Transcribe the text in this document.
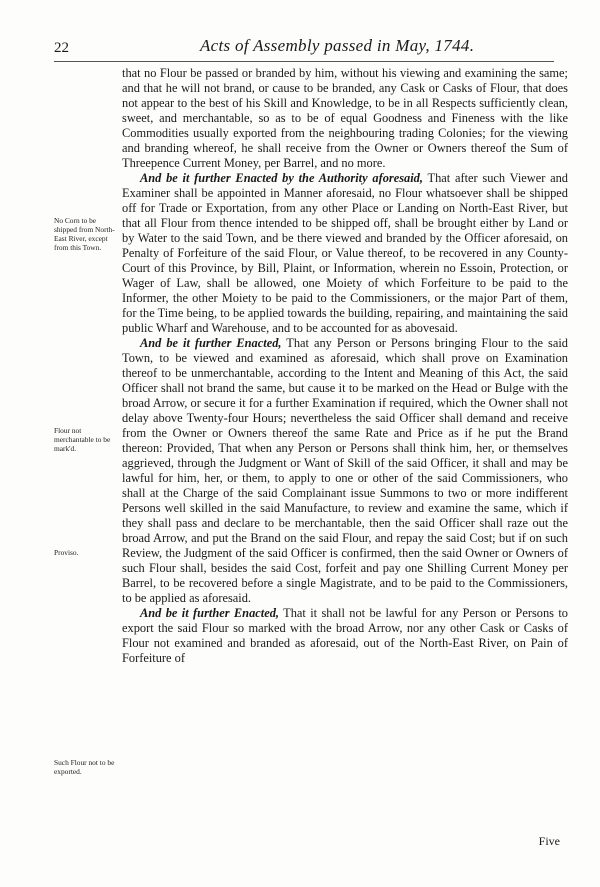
22	Acts of Assembly passed in May, 1744.
No Corn to be shipped from North-East River, except from this Town.
Flour not merchantable to be mark'd.
Proviso.
Such Flour not to be exported.

that no Flour be passed or branded by him, without his viewing and examining the same; and that he will not brand, or cause to be branded, any Cask or Casks of Flour, that does not appear to the best of his Skill and Knowledge, to be in all Respects sufficiently clean, sweet, and merchantable, so as to be of equal Goodness and Fineness with the like Commodities usually exported from the neighbouring trading Colonies; for the viewing and branding whereof, he shall receive from the Owner or Owners thereof the Sum of Threepence Current Money, per Barrel, and no more.

And be it further Enacted by the Authority aforesaid, That after such Viewer and Examiner shall be appointed in Manner aforesaid, no Flour whatsoever shall be shipped off for Trade or Exportation, from any other Place or Landing on North-East River, but that all Flour from thence intended to be shipped off, shall be brought either by Land or by Water to the said Town, and be there viewed and branded by the Officer aforesaid, on Penalty of Forfeiture of the said Flour, or Value thereof, to be recovered in any County-Court of this Province, by Bill, Plaint, or Information, wherein no Essoin, Protection, or Wager of Law, shall be allowed, one Moiety of which Forfeiture to be paid to the Informer, the other Moiety to be paid to the Commissioners, or the major Part of them, for the Time being, to be applied towards the building, repairing, and maintaining the said public Wharf and Warehouse, and to be accounted for as abovesaid.

And be it further Enacted, That any Person or Persons bringing Flour to the said Town, to be viewed and examined as aforesaid, which shall prove on Examination thereof to be unmerchantable, according to the Intent and Meaning of this Act, the said Officer shall not brand the same, but cause it to be marked on the Head or Bulge with the broad Arrow, or secure it for a further Examination if required, which the Owner shall not delay above Twenty-four Hours; nevertheless the said Officer shall demand and receive from the Owner or Owners thereof the same Rate and Price as if he put the Brand thereon: Provided, That when any Person or Persons shall think him, her, or themselves aggrieved, through the Judgment or Want of Skill of the said Officer, it shall and may be lawful for him, her, or them, to apply to one or other of the said Commissioners, who shall at the Charge of the said Complainant issue Summons to two or more indifferent Persons well skilled in the said Manufacture, to review and examine the same, which if they shall pass and declare to be merchantable, then the said Officer shall raze out the broad Arrow, and put the Brand on the said Flour, and repay the said Cost; but if on such Review, the Judgment of the said Officer is confirmed, then the said Owner or Owners of such Flour shall, besides the said Cost, forfeit and pay one Shilling Current Money per Barrel, to be recovered before a single Magistrate, and to be paid to the Commissioners, to be applied as aforesaid.

And be it further Enacted, That it shall not be lawful for any Person or Persons to export the said Flour so marked with the broad Arrow, nor any other Cask or Casks of Flour not examined and branded as aforesaid, out of the North-East River, on Pain of Forfeiture of

Five
